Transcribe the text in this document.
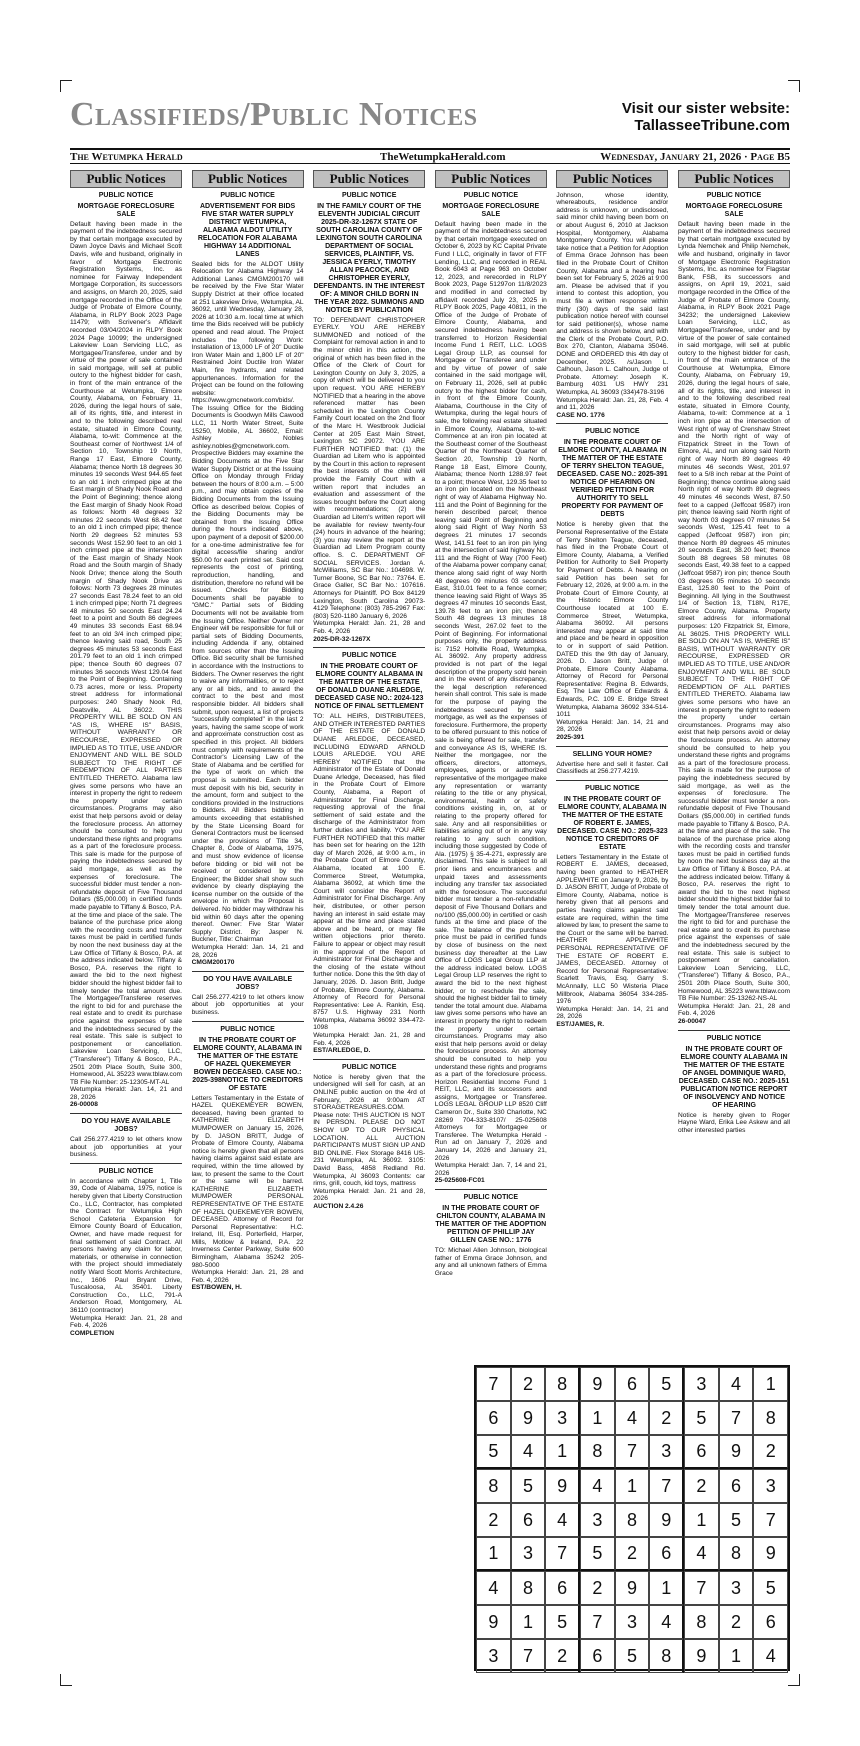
Classifieds/Public Notices	Visit our sister website:
TallasseeTribune.com
The Wetumpka Herald	TheWetumpkaHerald.com	Wednesday, January 21, 2026 · Page B5
Public Notices
PUBLIC NOTICE
MORTGAGE FORECLOSURE SALE
Default having been made in the payment of the indebtedness secured by that certain mortgage executed by Dawn Joyce Davis and Michael Scott Davis, wife and husband, originally in favor of Mortgage Electronic Registration Systems, Inc. as nominee for Fairway Independent Mortgage Corporation, its successors and assigns, on March 20, 2025, said mortgage recorded in the Office of the Judge of Probate of Elmore County, Alabama, in RLPY Book 2023 Page 11479; with Scrivener's Affidavit recorded 03/04/2024 in RLPY Book 2024 Page 10099; the undersigned Lakeview Loan Servicing LLC, as Mortgagee/Transferee, under and by virtue of the power of sale contained in said mortgage, will sell at public outcry to the highest bidder for cash, in front of the main entrance of the Courthouse at Wetumpka, Elmore County, Alabama, on February 11, 2026, during the legal hours of sale, all of its rights, title, and interest in and to the following described real estate, situated in Elmore County, Alabama, to-wit: Commence at the Southeast corner of Northwest 1/4 of Section 10, Township 19 North, Range 17 East, Elmore County, Alabama; thence North 18 degrees 30 minutes 19 seconds West 944.65 feet to an old 1 inch crimped pipe at the East margin of Shady Nook Road and the Point of Beginning; thence along the East margin of Shady Nook Road as follows: North 48 degrees 32 minutes 22 seconds West 68.42 feet to an old 1 inch crimped pipe; thence North 29 degrees 52 minutes 53 seconds West 152.90 feet to an old 1 inch crimped pipe at the intersection of the East margin of Shady Nook Road and the South margin of Shady Nook Drive; thence along the South margin of Shady Nook Drive as follows: North 73 degrees 28 minutes 27 seconds East 78.24 feet to an old 1 inch crimped pipe; North 71 degrees 48 minutes 50 seconds East 24.24 feet to a point and South 86 degrees 49 minutes 33 seconds East 68.94 feet to an old 3/4 inch crimped pipe; thence leaving said road, South 25 degrees 45 minutes 53 seconds East 201.79 feet to an old 1 inch crimped pipe; thence South 60 degrees 07 minutes 36 seconds West 129.04 feet to the Point of Beginning. Containing 0.73 acres, more or less. Property street address for informational purposes: 240 Shady Nook Rd, Deatsville, AL 36022. THIS PROPERTY WILL BE SOLD ON AN "AS IS, WHERE IS" BASIS, WITHOUT WARRANTY OR RECOURSE, EXPRESSED OR IMPLIED AS TO TITLE, USE AND/OR ENJOYMENT AND WILL BE SOLD SUBJECT TO THE RIGHT OF REDEMPTION OF ALL PARTIES ENTITLED THERETO. Alabama law gives some persons who have an interest in property the right to redeem the property under certain circumstances. Programs may also exist that help persons avoid or delay the foreclosure process. An attorney should be consulted to help you understand these rights and programs as a part of the foreclosure process. This sale is made for the purpose of paying the indebtedness secured by said mortgage, as well as the expenses of foreclosure. The successful bidder must tender a non-refundable deposit of Five Thousand Dollars ($5,000.00) in certified funds made payable to Tiffany & Bosco, P.A. at the time and place of the sale. The balance of the purchase price along with the recording costs and transfer taxes must be paid in certified funds by noon the next business day at the Law Office of Tiffany & Bosco, P.A. at the address indicated below. Tiffany & Bosco, P.A. reserves the right to award the bid to the next highest bidder should the highest bidder fail to timely tender the total amount due. The Mortgagee/Transferee reserves the right to bid for and purchase the real estate and to credit its purchase price against the expenses of sale and the indebtedness secured by the real estate. This sale is subject to postponement or cancellation. Lakeview Loan Servicing, LLC, ("Transferee") Tiffany & Bosco, P.A., 2501 20th Place South, Suite 300, Homewood, AL 35223 www.tblaw.com TB File Number: 25-12305-MT-AL
Wetumpka Herald: Jan. 14, 21 and 28, 2026
26-00008
DO YOU HAVE AVAILABLE JOBS?
Call 256.277.4219 to let others know about job opportunities at your business.
PUBLIC NOTICE
In accordance with Chapter 1, Title 39, Code of Alabama, 1975, notice is hereby given that Liberty Construction Co., LLC, Contractor, has completed the Contract for Wetumpka High School Cafeteria Expansion for Elmore County Board of Education, Owner, and have made request for final settlement of said Contract. All persons having any claim for labor, materials, or otherwise in connection with the project should immediately notify Ward Scott Morris Architecture, Inc., 1606 Paul Bryant Drive, Tuscaloosa, AL 35401. Liberty Construction Co., LLC, 791-A Anderson Road, Montgomery, AL 36110 (contractor)
Wetumpka Herald: Jan. 21, 28 and Feb. 4, 2026
COMPLETION
Public Notices
PUBLIC NOTICE
ADVERTISEMENT FOR BIDS FIVE STAR WATER SUPPLY DISTRICT WETUMPKA, ALABAMA ALDOT UTILITY RELOCATION FOR ALABAMA HIGHWAY 14 ADDITIONAL LANES
Sealed bids for the ALDOT Utility Relocation for Alabama Highway 14 Additional Lanes CMGM200170 will be received by the Five Star Water Supply District at their office located at 251 Lakeview Drive, Wetumpka, AL 36092, until Wednesday, January 28, 2026 at 10:30 a.m. local time at which time the Bids received will be publicly opened and read aloud. The Project includes the following Work: Installation of 13,000 LF of 20" Ductile Iron Water Main and 1,800 LF of 20" Restrained Joint Ductile Iron Water Main, fire hydrants, and related appurtenances. Information for the Project can be found on the following website: https://www.gmcnetwork.com/bids/. The Issuing Office for the Bidding Documents is Goodwyn Mills Cawood LLC, 11 North Water Street, Suite 15250, Mobile, AL 36602, Email: Ashley Nobles ashley.nobles@gmcnetwork.com. Prospective Bidders may examine the Bidding Documents at the Five Star Water Supply District or at the Issuing Office on Monday through Friday between the hours of 8:00 a.m. – 5:00 p.m., and may obtain copies of the Bidding Documents from the Issuing Office as described below. Copies of the Bidding Documents may be obtained from the Issuing Office during the hours indicated above, upon payment of a deposit of $200.00 for a one-time administrative fee for digital access/file sharing and/or $50.00 for each printed set. Said cost represents the cost of printing, reproduction, handling, and distribution, therefore no refund will be issued. Checks for Bidding Documents shall be payable to "GMC." Partial sets of Bidding Documents will not be available from the Issuing Office. Neither Owner nor Engineer will be responsible for full or partial sets of Bidding Documents, including Addenda if any, obtained from sources other than the Issuing Office. Bid security shall be furnished in accordance with the Instructions to Bidders. The Owner reserves the right to waive any informalities, or to reject any or all bids, and to award the contract to the best and most responsible bidder. All bidders shall submit, upon request, a list of projects "successfully completed" in the last 2 years, having the same scope of work and approximate construction cost as specified in this project. All bidders must comply with requirements of the Contractor's Licensing Law of the State of Alabama and be certified for the type of work on which the proposal is submitted. Each bidder must deposit with his bid, security in the amount, form and subject to the conditions provided in the Instructions to Bidders. All Bidders bidding in amounts exceeding that established by the State Licensing Board for General Contractors must be licensed under the provisions of Title 34, Chapter 8, Code of Alabama, 1975, and must show evidence of license before bidding or bid will not be received or considered by the Engineer; the Bidder shall show such evidence by clearly displaying the license number on the outside of the envelope in which the Proposal is delivered. No bidder may withdraw his bid within 60 days after the opening thereof. Owner: Five Star Water Supply District. By: Jasper N. Buckner, Title: Chairman
Wetumpka Herald: Jan. 14, 21 and 28, 2026
CMGM200170
DO YOU HAVE AVAILABLE JOBS?
Call 256.277.4219 to let others know about job opportunities at your business.
PUBLIC NOTICE
IN THE PROBATE COURT OF ELMORE COUNTY, ALABAMA IN THE MATTER OF THE ESTATE OF HAZEL QUEKEMEYER BOWEN DECEASED. CASE NO.: 2025-398NOTICE TO CREDITORS OF ESTATE
Letters Testamentary in the Estate of HAZEL QUEKEMEYER BOWEN, deceased, having been granted to KATHERINE ELIZABETH MUMPOWER on January 15, 2026, by D. JASON BRITT, Judge of Probate of Elmore County, Alabama notice is hereby given that all persons having claims against said estate are required, within the time allowed by law, to present the same to the Court or the same will be barred. KATHERINE ELIZABETH MUMPOWER PERSONAL REPRESENTATIVE OF THE ESTATE OF HAZEL QUEKEMEYER BOWEN, DECEASED. Attorney of Record for Personal Representative: H.C. Ireland, III, Esq. Porterfield, Harper, Mills, Motlow & Ireland, P.A. 22 Inverness Center Parkway, Suite 600 Birmingham, Alabama 35242 205-980-5000
Wetumpka Herald: Jan. 21, 28 and Feb. 4, 2026
EST/BOWEN, H.
Public Notices
PUBLIC NOTICE
IN THE FAMILY COURT OF THE ELEVENTH JUDICIAL CIRCUIT 2025-DR-32-1267X STATE OF SOUTH CAROLINA COUNTY OF LEXINGTON SOUTH CAROLINA DEPARTMENT OF SOCIAL SERVICES, PLAINTIFF, VS. JESSICA EYERLY, TIMOTHY ALLAN PEACOCK, AND CHRISTOPHER EYERLY, DEFENDANTS. IN THE INTEREST OF: A MINOR CHILD BORN IN THE YEAR 2022. SUMMONS AND NOTICE BY PUBLICATION
TO: DEFENDANT CHRISTOPHER EYERLY. YOU ARE HEREBY SUMMONED and noticed of the Complaint for removal action in and to the minor child in this action, the original of which has been filed in the Office of the Clerk of Court for Lexington County on July 3, 2025, a copy of which will be delivered to you upon request. YOU ARE HEREBY NOTIFIED that a hearing in the above referenced matter has been scheduled in the Lexington County Family Court located on the 2nd floor of the Marc H. Westbrook Judicial Center at 205 East Main Street, Lexington SC 29072. YOU ARE FURTHER NOTIFIED that: (1) the Guardian ad Litem who is appointed by the Court in this action to represent the best interests of the child will provide the Family Court with a written report that includes an evaluation and assessment of the issues brought before the Court along with recommendations; (2) the Guardian ad Litem's written report will be available for review twenty-four (24) hours in advance of the hearing; (3) you may review the report at the Guardian ad Litem Program county office. S. C. DEPARTMENT OF SOCIAL SERVICES. Jordan A. McWilliams, SC Bar No.: 104698. W. Turner Boone, SC Bar No.: 73764. E. Grace Galler, SC Bar No.: 107616. Attorneys for Plaintiff. PO Box 84129 Lexington, South Carolina 29073-4129 Telephone: (803) 785-2967 Fax: (803) 520-1180 January 6, 2026
Wetumpka Herald: Jan. 21, 28 and Feb. 4, 2026
2025-DR-32-1267X
PUBLIC NOTICE
IN THE PROBATE COURT OF ELMORE COUNTY ALABAMA IN THE MATTER OF THE ESTATE OF DONALD DUANE ARLEDGE, DECEASED CASE NO.: 2024-123 NOTICE OF FINAL SETTLEMENT
TO: ALL HEIRS, DISTRIBUTEES, AND OTHER INTERESTED PARTIES OF THE ESTATE OF DONALD DUANE ARLEDGE, DECEASED, INCLUDING EDWARD ARNOLD LOUIS ARLEDGE. YOU ARE HEREBY NOTIFIED that the Administrator of the Estate of Donald Duane Arledge, Deceased, has filed in the Probate Court of Elmore County, Alabama, a Report of Administrator for Final Discharge, requesting approval of the final settlement of said estate and the discharge of the Administrator from further duties and liability. YOU ARE FURTHER NOTIFIED that this matter has been set for hearing on the 12th day of March 2026, at 9:00 a.m., in the Probate Court of Elmore County, Alabama, located at 100 E. Commerce Street, Wetumpka, Alabama 36092, at which time the Court will consider the Report of Administrator for Final Discharge. Any heir, distributee, or other person having an interest in said estate may appear at the time and place stated above and be heard, or may file written objections prior thereto. Failure to appear or object may result in the approval of the Report of Administrator for Final Discharge and the closing of the estate without further notice. Done this the 9th day of January, 2026. D. Jason Britt, Judge of Probate, Elmore County, Alabama. Attorney of Record for Personal Representative: Lee A. Rankin, Esq. 8757 U.S. Highway 231 North Wetumpka, Alabama 36092 334-472-1098
Wetumpka Herald: Jan. 21, 28 and Feb. 4, 2026
EST/ARLEDGE, D.
PUBLIC NOTICE
Notice is hereby given that the undersigned will sell for cash, at an ONLINE public auction on the 4rd of February, 2026 at 9:00am AT STORAGETREASURES.COM. Please note: THIS AUCTION IS NOT IN PERSON. PLEASE DO NOT SHOW UP TO OUR PHYSICAL LOCATION. ALL AUCTION PARTICIPANTS MUST SIGN UP AND BID ONLINE. Flex Storage 8416 US-231 Wetumpka, AL 36092. 3105: David Bass, 4858 Redland Rd. Wetumpka, Al 36093 Contents: car rims, grill, couch, kid toys, mattress
Wetumpka Herald: Jan. 21 and 28, 2026
AUCTION 2.4.26
Public Notices
PUBLIC NOTICE
MORTGAGE FORECLOSURE SALE
Default having been made in the payment of the indebtedness secured by that certain mortgage executed on October 6, 2023 by KC Capital Private Fund I LLC, originally in favor of FTF Lending, LLC, and recorded in REAL Book 6043 at Page 963 on October 12, 2023, and rerecorded in RLPY Book 2023, Page 51297on 11/8/2023 and modified in and corrected by affidavit recorded July 23, 2025 in RLPY Book 2025, Page 40811, in the Office of the Judge of Probate of Elmore County, Alabama, and secured indebtedness having been transferred to Horizon Residential Income Fund 1 REIT, LLC. LOGS Legal Group LLP, as counsel for Mortgagee or Transferee and under and by virtue of power of sale contained in the said mortgage will, on February 11, 2026, sell at public outcry to the highest bidder for cash, in front of the Elmore County, Alabama, Courthouse in the City of Wetumpka, during the legal hours of sale, the following real estate situated in Elmore County, Alabama, to-wit: Commence at an iron pin located at the Southeast corner of the Southeast Quarter of the Northeast Quarter of Section 20, Township 19 North, Range 18 East, Elmore County, Alabama; thence North 1288.97 feet to a point; thence West, 129.35 feet to an iron pin located on the Northeast right of way of Alabama Highway No. 111 and the Point of Beginning for the herein described parcel; thence leaving said Point of Beginning and along said Right of Way North 53 degrees 21 minutes 17 seconds West, 141.51 feet to an iron pin lying at the intersection of said highway No. 111 and the Right of Way (700 Feet) of the Alabama power company canal; thence along said right of way North 48 degrees 09 minutes 03 seconds East, 310.01 feet to a fence corner; thence leaving said Right of Ways 35 degrees 47 minutes 10 seconds East, 139.78 feet to an iron pin; thence South 48 degrees 13 minutes 18 seconds West, 267.02 feet to the Point of Beginning. For informational purposes only, the property address is: 7152 Holtville Road, Wetumpka, AL 36092. Any property address provided is not part of the legal description of the property sold herein and in the event of any discrepancy, the legal description referenced herein shall control. This sale is made for the purpose of paying the indebtedness secured by said mortgage, as well as the expenses of foreclosure. Furthermore, the property to be offered pursuant to this notice of sale is being offered for sale, transfer and conveyance AS IS, WHERE IS. Neither the mortgagee, nor the officers, directors, attorneys, employees, agents or authorized representative of the mortgagee make any representation or warranty relating to the title or any physical, environmental, health or safety conditions existing in, on, at or relating to the property offered for sale. Any and all responsibilities or liabilities arising out of or in any way relating to any such condition, including those suggested by Code of Ala. (1975) § 35-4-271, expressly are disclaimed. This sale is subject to all prior liens and encumbrances and unpaid taxes and assessments including any transfer tax associated with the foreclosure. The successful bidder must tender a non-refundable deposit of Five Thousand Dollars and no/100 ($5,000.00) in certified or cash funds at the time and place of the sale. The balance of the purchase price must be paid in certified funds by close of business on the next business day thereafter at the Law Office of LOGS Legal Group LLP at the address indicated below. LOGS Legal Group LLP reserves the right to award the bid to the next highest bidder, or to reschedule the sale, should the highest bidder fail to timely tender the total amount due. Alabama law gives some persons who have an interest in property the right to redeem the property under certain circumstances. Programs may also exist that help persons avoid or delay the foreclosure process. An attorney should be consulted to help you understand these rights and programs as a part of the foreclosure process. Horizon Residential Income Fund 1 REIT, LLC, and its successors and assigns, Mortgagee or Transferee. LOGS LEGAL GROUP LLP 8520 Cliff Cameron Dr., Suite 330 Charlotte, NC 28269 704-333-8107/ 25-025608 Attorneys for Mortgagee or Transferee. The Wetumpka Herald - Run ad on January 7, 2026 and January 14, 2026 and January 21, 2026
Wetumpka Herald: Jan. 7, 14 and 21, 2026
25-025608-FC01
PUBLIC NOTICE
IN THE PROBATE COURT OF CHILTON COUNTY, ALABAMA IN THE MATTER OF THE ADOPTION PETITION OF PHILLIP JAY GILLEN CASE NO.: 1776
TO: Michael Allen Johnson, biological father of Emma Grace Johnson, and any and all unknown fathers of Emma Grace
Public Notices
Johnson, whose identity, whereabouts, residence and/or address is unknown, or undisclosed, said minor child having been born on or about August 6, 2010 at Jackson Hospital, Montgomery, Alabama Montgomery County. You will please take notice that a Petition for Adoption of Emma Grace Johnson has been filed in the Probate Court of Chilton County, Alabama and a hearing has been set for February 5, 2026 at 9:00 am. Please be advised that if you intend to contest this adoption, you must file a written response within thirty (30) days of the said last publication notice hereof with counsel for said petitioner(s), whose name and address is shown below, and with the Clerk of the Probate Court, P.O. Box 270, Clanton, Alabama 35046. DONE and ORDERED this 4th day of December, 2025. /s/Jason L. Calhoun, Jason L. Calhoun, Judge of Probate. Attorney: Joseph K. Bamburg 4031 US HWY 231 Wetumpka, AL 36093 (334)478-3196
Wetumpka Herald: Jan. 21, 28, Feb. 4 and 11, 2026
CASE NO. 1776
PUBLIC NOTICE
IN THE PROBATE COURT OF ELMORE COUNTY, ALABAMA IN THE MATTER OF THE ESTATE OF TERRY SHELTON TEAGUE, DECEASED. CASE NO.: 2025-391 NOTICE OF HEARING ON VERIFIED PETITION FOR AUTHORITY TO SELL PROPERTY FOR PAYMENT OF DEBTS
Notice is hereby given that the Personal Representative of the Estate of Terry Shelton Teague, deceased, has filed in the Probate Court of Elmore County, Alabama, a Verified Petition for Authority to Sell Property for Payment of Debts. A hearing on said Petition has been set for February 12, 2026, at 9:00 a.m. in the Probate Court of Elmore County, at the Historic Elmore County Courthouse located at 100 E. Commerce Street, Wetumpka, Alabama 36092. All persons interested may appear at said time and place and be heard in opposition to or in support of said Petition. DATED this the 9th day of January, 2026. D. Jason Britt, Judge of Probate, Elmore County Alabama. Attorney of Record for Personal Representative: Regina B. Edwards, Esq. The Law Office of Edwards & Edwards, P.C. 109 E. Bridge Street Wetumpka, Alabama 36092 334-514-1011
Wetumpka Herald: Jan. 14, 21 and 28, 2026
2025-391
SELLING YOUR HOME?
Advertise here and sell it faster. Call Classifieds at 256.277.4219.
PUBLIC NOTICE
IN THE PROBATE COURT OF ELMORE COUNTY, ALABAMA IN THE MATTER OF THE ESTATE OF ROBERT E. JAMES, DECEASED. CASE NO.: 2025-323 NOTICE TO CREDITORS OF ESTATE
Letters Testamentary in the Estate of ROBERT E. JAMES, deceased, having been granted to HEATHER APPLEWHITE on January 9, 2026, by D. JASON BRITT, Judge of Probate of Elmore County, Alabama, notice is hereby given that all persons and parties having claims against said estate are required, within the time allowed by law, to present the same to the Court or the same will be barred. HEATHER APPLEWHITE PERSONAL REPRESENTATIVE OF THE ESTATE OF ROBERT E. JAMES, DECEASED. Attorney of Record for Personal Representative: Scarlett Travis, Esq. Garry S. McAnnally, LLC 50 Wisteria Place Millbrook, Alabama 36054 334-285-1976
Wetumpka Herald: Jan. 14, 21 and 28, 2026
EST/JAMES, R.
Public Notices
PUBLIC NOTICE
MORTGAGE FORECLOSURE SALE
Default having been made in the payment of the indebtedness secured by that certain mortgage executed by Lynda Nemchek and Philip Nemchek, wife and husband, originally in favor of Mortgage Electronic Registration Systems, Inc. as nominee for Flagstar Bank, FSB, its successors and assigns, on April 19, 2021, said mortgage recorded in the Office of the Judge of Probate of Elmore County, Alabama, in RLPY Book 2021 Page 34232; the undersigned Lakeview Loan Servicing, LLC, as Mortgagee/Transferee, under and by virtue of the power of sale contained in said mortgage, will sell at public outcry to the highest bidder for cash, in front of the main entrance of the Courthouse at Wetumpka, Elmore County, Alabama, on February 19, 2026, during the legal hours of sale, all of its rights, title, and interest in and to the following described real estate, situated in Elmore County, Alabama, to-wit: Commence at a 1 inch iron pipe at the intersection of West right of way of Crenshaw Street and the North right of way of Fitzpatrick Street in the Town of Elmore, AL, and run along said North right of way North 89 degrees 49 minutes 46 seconds West, 201.97 feet to a 5/8 inch rebar at the Point of Beginning; thence continue along said North right of way North 89 degrees 49 minutes 46 seconds West, 87.50 feet to a capped (Jeffcoat 9587) iron pin; thence leaving said North right of way North 03 degrees 07 minutes 54 seconds West, 125.41 feet to a capped (Jeffcoat 9587) iron pin; thence North 89 degrees 45 minutes 20 seconds East, 38.20 feet; thence South 88 degrees 58 minutes 08 seconds East, 49.38 feet to a capped (Jeffcoat 9587) iron pin; thence South 03 degrees 05 minutes 10 seconds East, 125.80 feet to the Point of Beginning. All lying in the Southwest 1/4 of Section 13, T18N, R17E, Elmore County, Alabama. Property street address for informational purposes: 120 Fitzpatrick St, Elmore, AL 36025. THIS PROPERTY WILL BE SOLD ON AN "AS IS, WHERE IS" BASIS, WITHOUT WARRANTY OR RECOURSE, EXPRESSED OR IMPLIED AS TO TITLE, USE AND/OR ENJOYMENT AND WILL BE SOLD SUBJECT TO THE RIGHT OF REDEMPTION OF ALL PARTIES ENTITLED THERETO. Alabama law gives some persons who have an interest in property the right to redeem the property under certain circumstances. Programs may also exist that help persons avoid or delay the foreclosure process. An attorney should be consulted to help you understand these rights and programs as a part of the foreclosure process. This sale is made for the purpose of paying the indebtedness secured by said mortgage, as well as the expenses of foreclosure. The successful bidder must tender a non-refundable deposit of Five Thousand Dollars ($5,000.00) in certified funds made payable to Tiffany & Bosco, P.A. at the time and place of the sale. The balance of the purchase price along with the recording costs and transfer taxes must be paid in certified funds by noon the next business day at the Law Office of Tiffany & Bosco, P.A. at the address indicated below. Tiffany & Bosco, P.A. reserves the right to award the bid to the next highest bidder should the highest bidder fail to timely tender the total amount due. The Mortgagee/Transferee reserves the right to bid for and purchase the real estate and to credit its purchase price against the expenses of sale and the indebtedness secured by the real estate. This sale is subject to postponement or cancellation. Lakeview Loan Servicing, LLC, ("Transferee") Tiffany & Bosco, P.A., 2501 20th Place South, Suite 300, Homewood, AL 35223 www.tblaw.com TB File Number: 25-13262-NS-AL
Wetumpka Herald: Jan. 21, 28 and Feb. 4, 2026
26-00047
PUBLIC NOTICE
IN THE PROBATE COURT OF ELMORE COUNTY ALABAMA IN THE MATTER OF THE ESTATE OF ANGEL DOMINIQUE WARD, DECEASED. CASE NO.: 2025-151 PUBLICATION NOTICE REPORT OF INSOLVENCY AND NOTICE OF HEARING
Notice is hereby given to Roger Hayne Ward, Erika Lee Askew and all other interested parties
7	2	8	9	6	5	3	4	1
6	9	3	1	4	2	5	7	8
5	4	1	8	7	3	6	9	2
8	5	9	4	1	7	2	6	3
2	6	4	3	8	9	1	5	7
1	3	7	5	2	6	4	8	9
4	8	6	2	9	1	7	3	5
9	1	5	7	3	4	8	2	6
3	7	2	6	5	8	9	1	4
